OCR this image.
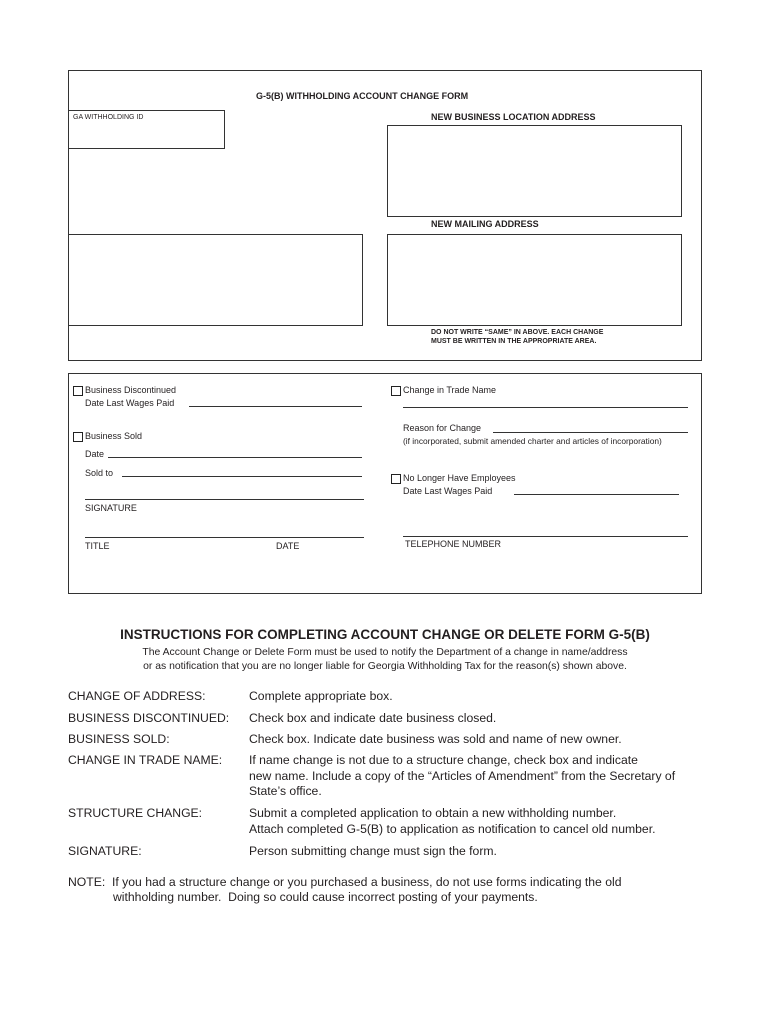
G-5(B) WITHHOLDING ACCOUNT CHANGE FORM
GA WITHHOLDING ID	NEW BUSINESS LOCATION ADDRESS
NEW MAILING ADDRESS
DO NOT WRITE “SAME” IN ABOVE. EACH CHANGE
MUST BE WRITTEN IN THE APPROPRIATE AREA.
Business Discontinued
Date Last Wages Paid
Business Sold
Date
Sold to
SIGNATURE
TITLE	DATE
Change in Trade Name
Reason for Change
(if incorporated, submit amended charter and articles of incorporation)
No Longer Have Employees
Date Last Wages Paid
TELEPHONE NUMBER
INSTRUCTIONS FOR COMPLETING ACCOUNT CHANGE OR DELETE FORM G-5(B)
The Account Change or Delete Form must be used to notify the Department of a change in name/address
or as notification that you are no longer liable for Georgia Withholding Tax for the reason(s) shown above.
CHANGE OF ADDRESS:	Complete appropriate box.
BUSINESS DISCONTINUED: Check box and indicate date business closed.
BUSINESS SOLD:	Check box. Indicate date business was sold and name of new owner.
CHANGE IN TRADE NAME: If name change is not due to a structure change, check box and indicate
new name. Include a copy of the “Articles of Amendment” from the Secretary of
State’s office.
STRUCTURE CHANGE:	Submit a completed application to obtain a new withholding number.
Attach completed G-5(B) to application as notification to cancel old number.
SIGNATURE:	Person submitting change must sign the form.
NOTE:  If you had a structure change or you purchased a business, do not use forms indicating the old
withholding number.  Doing so could cause incorrect posting of your payments.
